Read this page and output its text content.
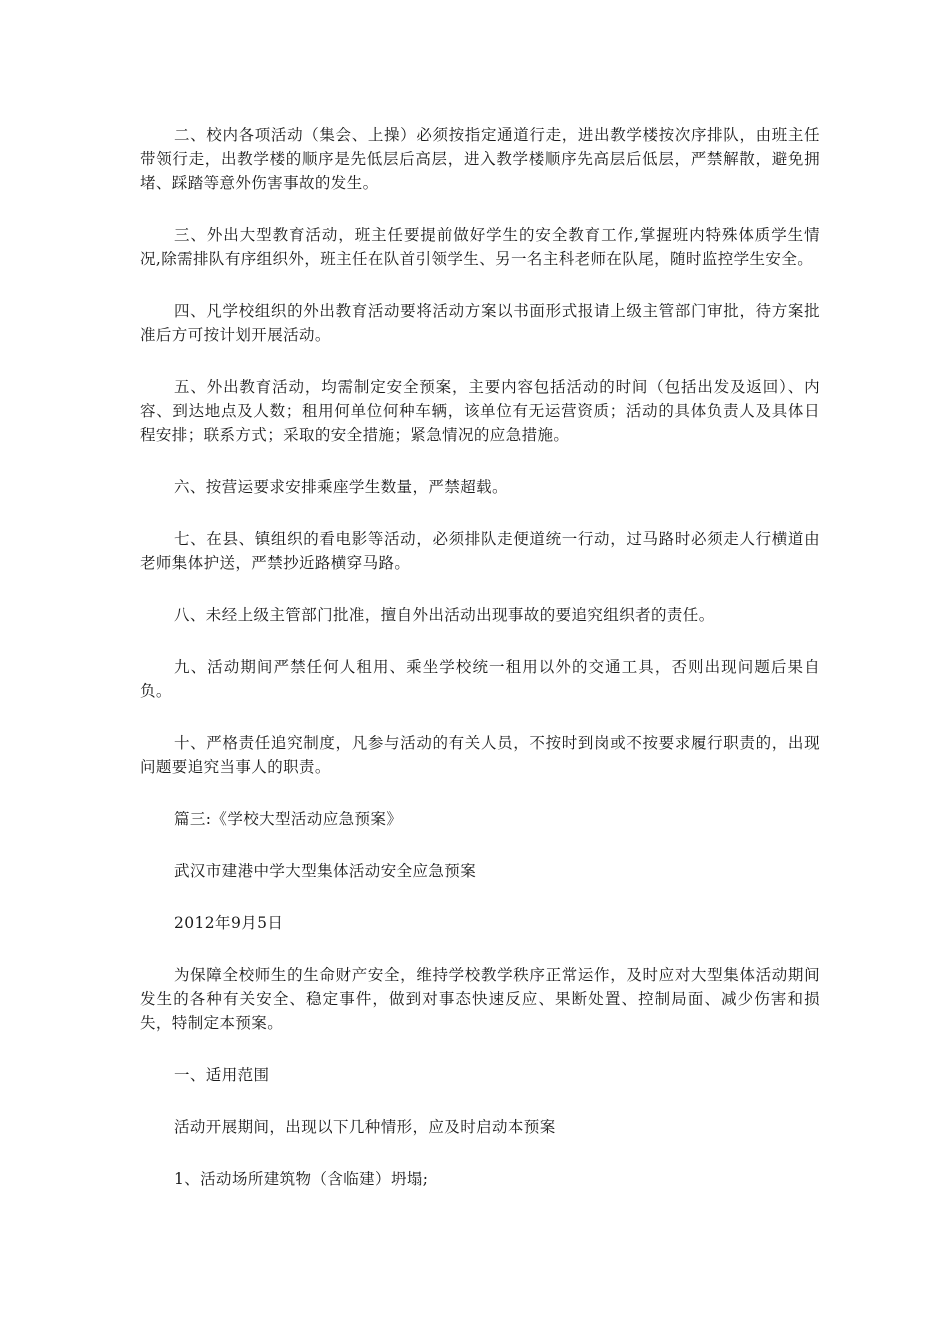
二、校内各项活动（集会、上操）必须按指定通道行走，进出教学楼按次序排队，由班主任带领行走，出教学楼的顺序是先低层后高层，进入教学楼顺序先高层后低层，严禁解散，避免拥堵、踩踏等意外伤害事故的发生。

三、外出大型教育活动，班主任要提前做好学生的安全教育工作,掌握班内特殊体质学生情况,除需排队有序组织外，班主任在队首引领学生、另一名主科老师在队尾，随时监控学生安全。

四、凡学校组织的外出教育活动要将活动方案以书面形式报请上级主管部门审批，待方案批准后方可按计划开展活动。

五、外出教育活动，均需制定安全预案，主要内容包括活动的时间（包括出发及返回）、内容、到达地点及人数；租用何单位何种车辆，该单位有无运营资质；活动的具体负责人及具体日程安排；联系方式；采取的安全措施；紧急情况的应急措施。

六、按营运要求安排乘座学生数量，严禁超载。

七、在县、镇组织的看电影等活动，必须排队走便道统一行动，过马路时必须走人行横道由老师集体护送，严禁抄近路横穿马路。

八、未经上级主管部门批准，擅自外出活动出现事故的要追究组织者的责任。

九、活动期间严禁任何人租用、乘坐学校统一租用以外的交通工具，否则出现问题后果自负。

十、严格责任追究制度，凡参与活动的有关人员，不按时到岗或不按要求履行职责的，出现问题要追究当事人的职责。

篇三:《学校大型活动应急预案》

武汉市建港中学大型集体活动安全应急预案

2012年9月5日

为保障全校师生的生命财产安全，维持学校教学秩序正常运作，及时应对大型集体活动期间发生的各种有关安全、稳定事件，做到对事态快速反应、果断处置、控制局面、减少伤害和损失，特制定本预案。

一、适用范围

活动开展期间，出现以下几种情形，应及时启动本预案

1、活动场所建筑物（含临建）坍塌;
